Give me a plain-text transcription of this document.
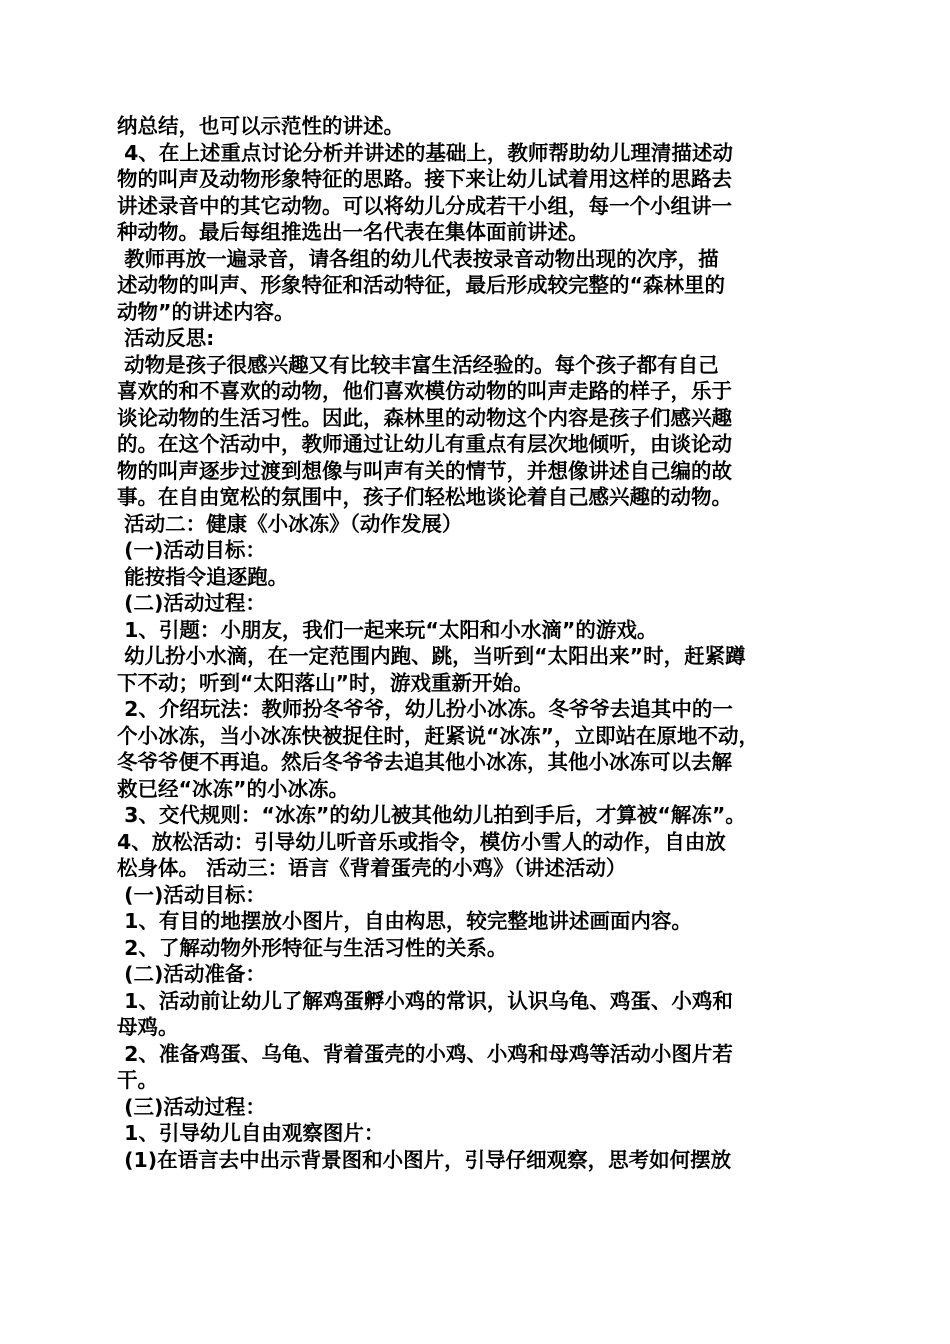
纳总结，也可以示范性的讲述。
4、在上述重点讨论分析并讲述的基础上，教师帮助幼儿理清描述动
物的叫声及动物形象特征的思路。接下来让幼儿试着用这样的思路去
讲述录音中的其它动物。可以将幼儿分成若干小组，每一个小组讲一
种动物。最后每组推选出一名代表在集体面前讲述。
教师再放一遍录音，请各组的幼儿代表按录音动物出现的次序，描
述动物的叫声、形象特征和活动特征，最后形成较完整的“森林里的
动物”的讲述内容。
活动反思:
动物是孩子很感兴趣又有比较丰富生活经验的。每个孩子都有自己
喜欢的和不喜欢的动物，他们喜欢模仿动物的叫声走路的样子，乐于
谈论动物的生活习性。因此，森林里的动物这个内容是孩子们感兴趣
的。在这个活动中，教师通过让幼儿有重点有层次地倾听，由谈论动
物的叫声逐步过渡到想像与叫声有关的情节，并想像讲述自己编的故
事。在自由宽松的氛围中，孩子们轻松地谈论着自己感兴趣的动物。
活动二：健康《小冰冻》（动作发展）
(一)活动目标：
能按指令追逐跑。
(二)活动过程：
1、引题：小朋友，我们一起来玩“太阳和小水滴”的游戏。
幼儿扮小水滴，在一定范围内跑、跳，当听到“太阳出来”时，赶紧蹲
下不动；听到“太阳落山”时，游戏重新开始。
2、介绍玩法：教师扮冬爷爷，幼儿扮小冰冻。冬爷爷去追其中的一
个小冰冻，当小冰冻快被捉住时，赶紧说“冰冻”，立即站在原地不动，
冬爷爷便不再追。然后冬爷爷去追其他小冰冻，其他小冰冻可以去解
救已经“冰冻”的小冰冻。
3、交代规则：“冰冻”的幼儿被其他幼儿拍到手后，才算被“解冻”。
4、放松活动：引导幼儿听音乐或指令，模仿小雪人的动作，自由放
松身体。 活动三：语言《背着蛋壳的小鸡》（讲述活动）
(一)活动目标：
1、有目的地摆放小图片，自由构思，较完整地讲述画面内容。
2、了解动物外形特征与生活习性的关系。
(二)活动准备：
1、活动前让幼儿了解鸡蛋孵小鸡的常识，认识乌龟、鸡蛋、小鸡和
母鸡。
2、准备鸡蛋、乌龟、背着蛋壳的小鸡、小鸡和母鸡等活动小图片若
干。
(三)活动过程：
1、引导幼儿自由观察图片：
(1)在语言去中出示背景图和小图片，引导仔细观察，思考如何摆放
